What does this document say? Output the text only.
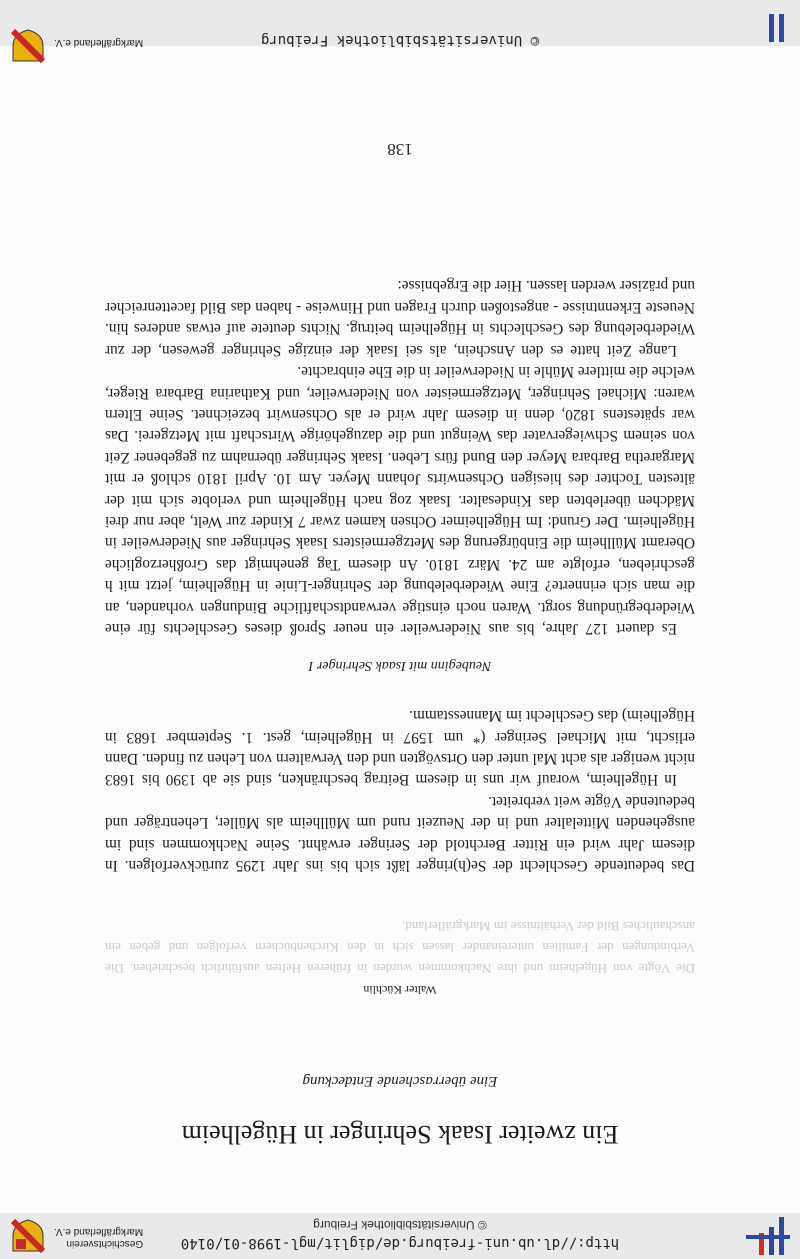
http://dl.ub.uni-freiburg.de/diglit/mgl-1998-01/0140
© Universitätsbibliothek Freiburg
Geschichtsverein
Markgräflerland e.V.
Ein zweiter Isaak Sehringer in Hügelheim
Eine überraschende Entdeckung
Walter Küchlin
Die Vögte von Hügelheim und ihre Nachkommen wurden in früheren Heften ausführlich beschrieben. Die Verbindungen der Familien untereinander lassen sich in den Kirchenbüchern verfolgen und geben ein anschauliches Bild der Verhältnisse im Markgräflerland.

Das bedeutende Geschlecht der Se(h)ringer läßt sich bis ins Jahr 1295 zurückverfolgen. In diesem Jahr wird ein Ritter Berchtold der Seringer erwähnt. Seine Nachkommen sind im ausgehenden Mittelalter und in der Neuzeit rund um Müllheim als Müller, Lehenträger und bedeutende Vögte weit verbreitet.

In Hügelheim, worauf wir uns in diesem Beitrag beschränken, sind sie ab 1390 bis 1683 nicht weniger als acht Mal unter den Ortsvögten und den Verwaltern von Lehen zu finden. Dann erlischt, mit Michael Seringer (* um 1597 in Hügelheim, gest. 1. September 1683 in Hügelheim) das Geschlecht im Mannesstamm.

Neubeginn mit Isaak Sehringer I

Es dauert 127 Jahre, bis aus Niederweiler ein neuer Sproß dieses Geschlechts für eine Wiederbegründung sorgt. Waren noch einstige verwandtschaftliche Bindungen vorhanden, an die man sich erinnerte? Eine Wiederbelebung der Sehringer-Linie in Hügelheim, jetzt mit h geschrieben, erfolgte am 24. März 1810. An diesem Tag genehmigt das Großherzogliche Oberamt Müllheim die Einbürgerung des Metzgermeisters Isaak Sehringer aus Niederweiler in Hügelheim. Der Grund: Im Hügelheimer Ochsen kamen zwar 7 Kinder zur Welt, aber nur drei Mädchen überlebten das Kindesalter. Isaak zog nach Hügelheim und verlobte sich mit der ältesten Tochter des hiesigen Ochsenwirts Johann Meyer. Am 10. April 1810 schloß er mit Margaretha Barbara Meyer den Bund fürs Leben. Isaak Sehringer übernahm zu gegebener Zeit von seinem Schwiegervater das Weingut und die dazugehörige Wirtschaft mit Metzgerei. Das war spätestens 1820, denn in diesem Jahr wird er als Ochsenwirt bezeichnet. Seine Eltern waren: Michael Sehringer, Metzgermeister von Niederweiler, und Katharina Barbara Rieger, welche die mittlere Mühle in Niederweiler in die Ehe einbrachte.

Lange Zeit hatte es den Anschein, als sei Isaak der einzige Sehringer gewesen, der zur Wiederbelebung des Geschlechts in Hügelheim beitrug. Nichts deutete auf etwas anderes hin. Neueste Erkenntnisse - angestoßen durch Fragen und Hinweise - haben das Bild facettenreicher und präziser werden lassen. Hier die Ergebnisse:

138
© Universitätsbibliothek Freiburg
Markgräflerland e.V.
